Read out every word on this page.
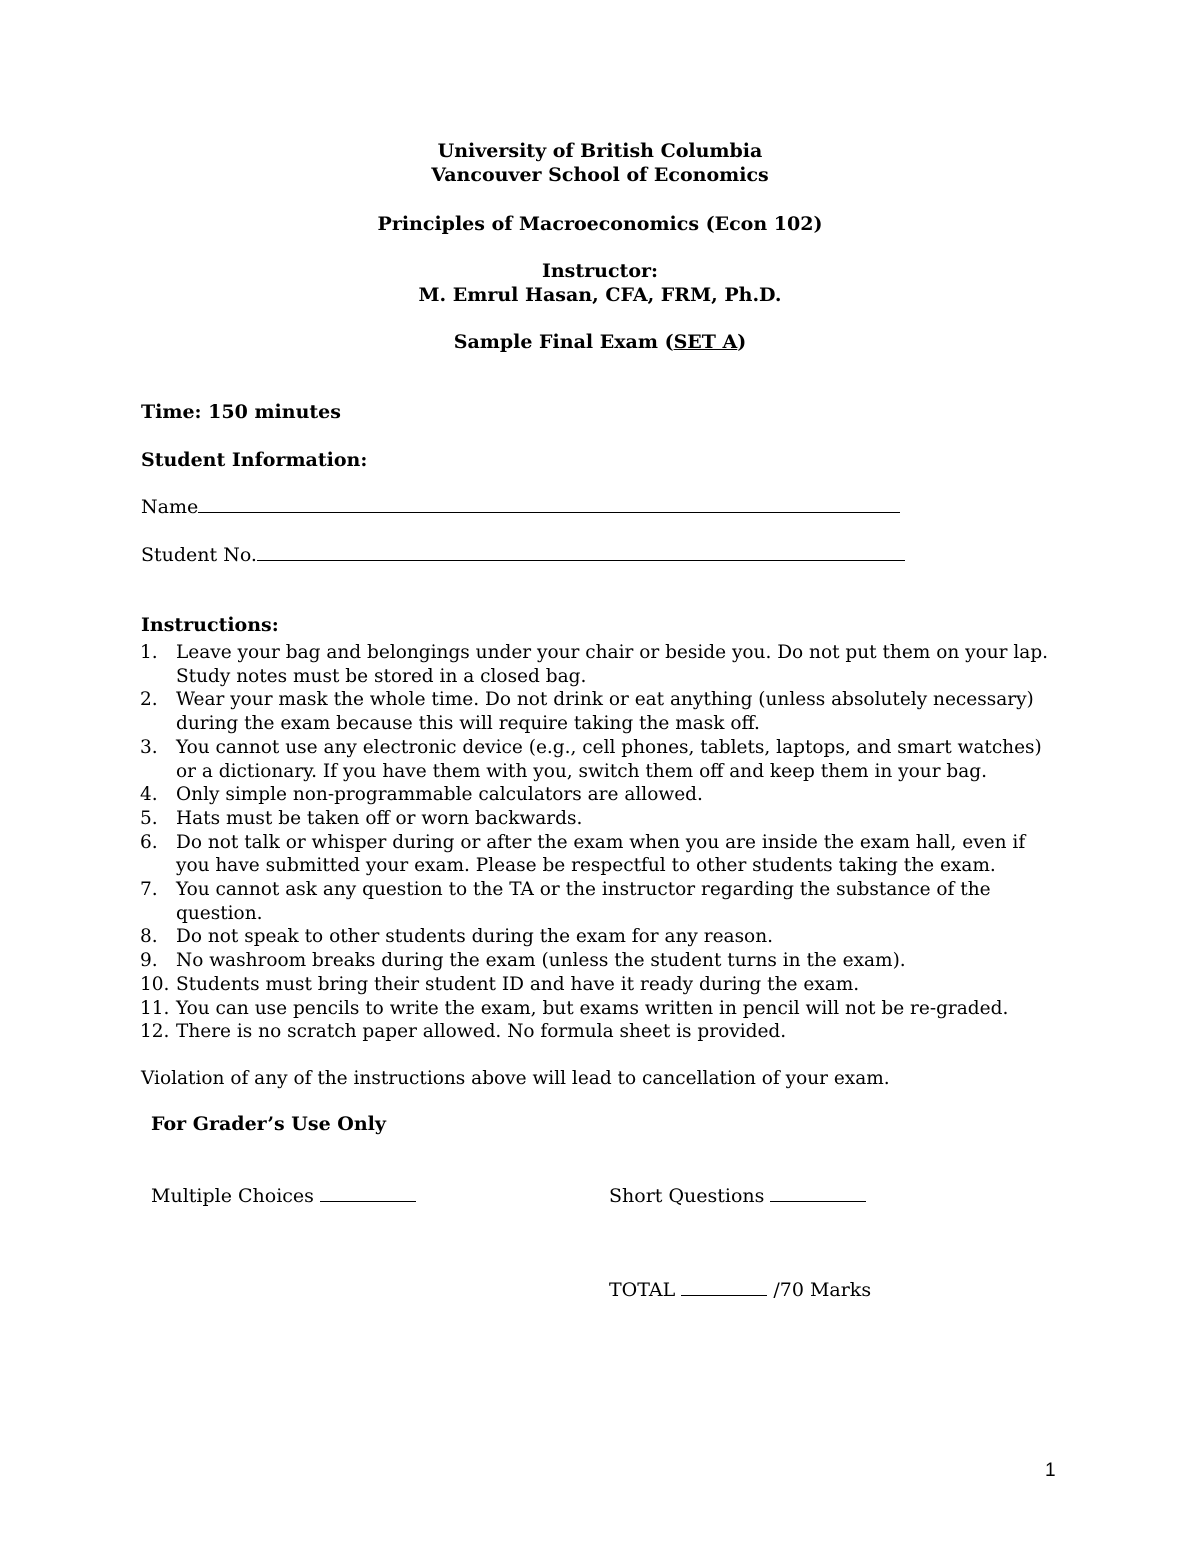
University of British Columbia
Vancouver School of Economics
Principles of Macroeconomics (Econ 102)
Instructor:
M. Emrul Hasan, CFA, FRM, Ph.D.
Sample Final Exam (SET A)
Time: 150 minutes
Student Information:
Name
Student No.
Instructions:
1. Leave your bag and belongings under your chair or beside you. Do not put them on your lap. Study notes must be stored in a closed bag.
2. Wear your mask the whole time. Do not drink or eat anything (unless absolutely necessary) during the exam because this will require taking the mask off.
3. You cannot use any electronic device (e.g., cell phones, tablets, laptops, and smart watches) or a dictionary. If you have them with you, switch them off and keep them in your bag.
4. Only simple non-programmable calculators are allowed.
5. Hats must be taken off or worn backwards.
6. Do not talk or whisper during or after the exam when you are inside the exam hall, even if you have submitted your exam. Please be respectful to other students taking the exam.
7. You cannot ask any question to the TA or the instructor regarding the substance of the question.
8. Do not speak to other students during the exam for any reason.
9. No washroom breaks during the exam (unless the student turns in the exam).
10. Students must bring their student ID and have it ready during the exam.
11. You can use pencils to write the exam, but exams written in pencil will not be re-graded.
12. There is no scratch paper allowed. No formula sheet is provided.
Violation of any of the instructions above will lead to cancellation of your exam.
For Grader’s Use Only
Multiple Choices	Short Questions
TOTAL	/70 Marks
1
